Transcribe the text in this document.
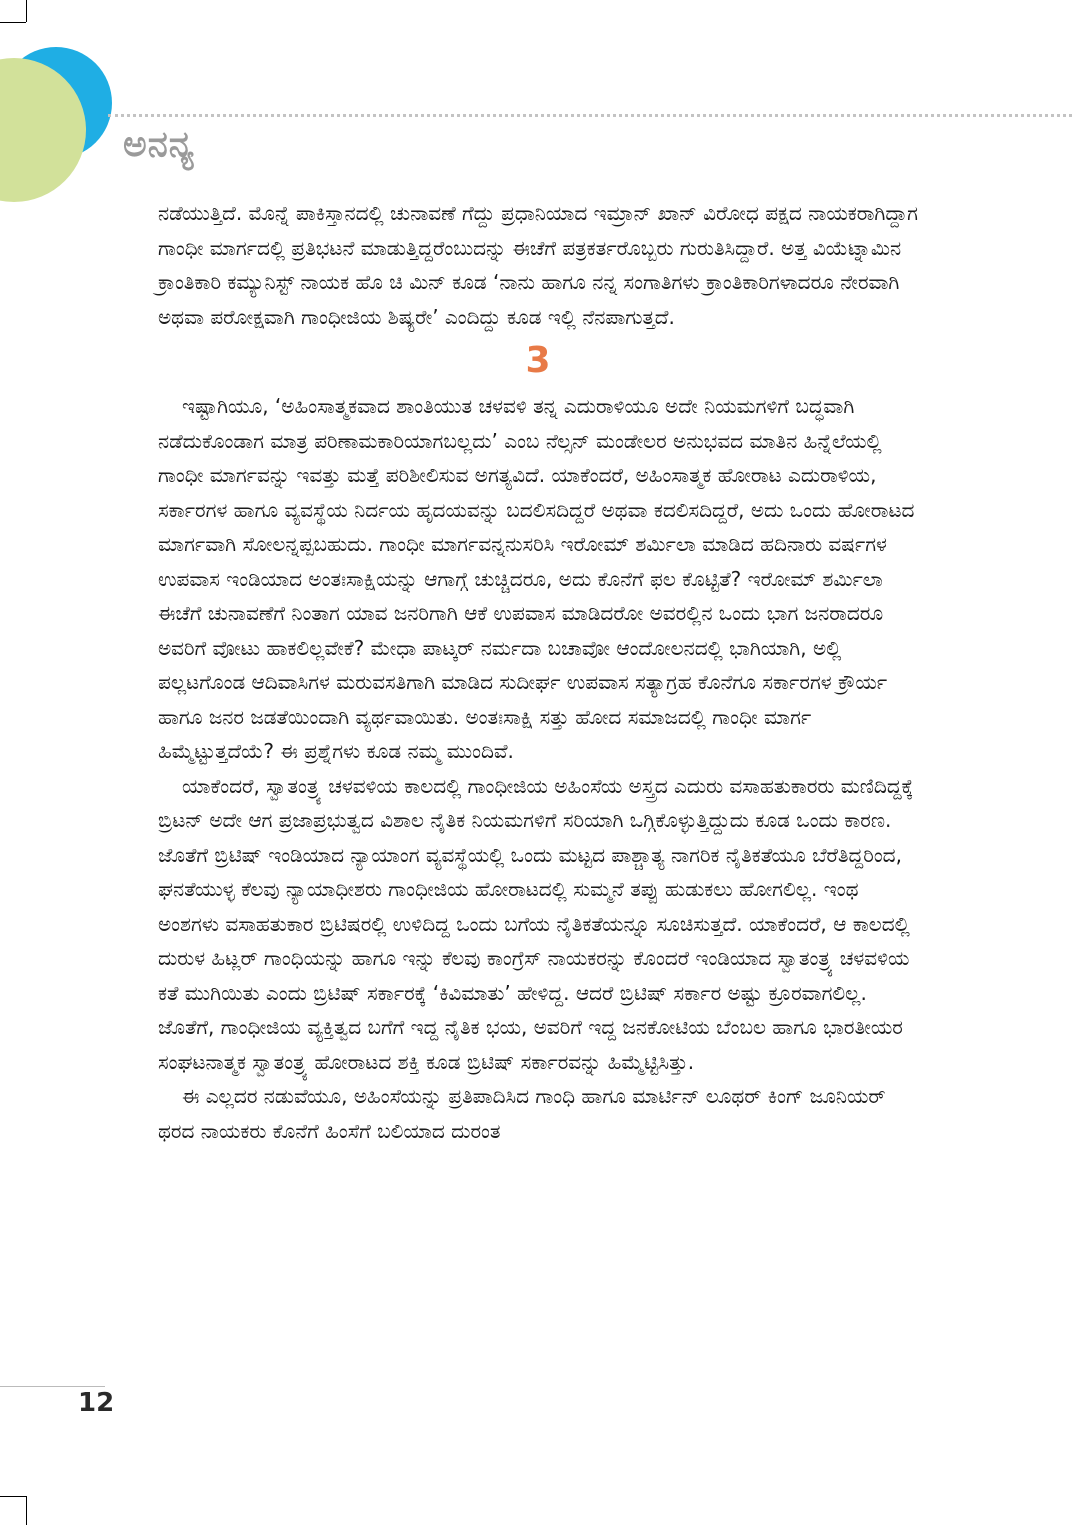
ಅನನ್ಯ

ನಡೆಯುತ್ತಿದೆ. ಮೊನ್ನೆ ಪಾಕಿಸ್ತಾನದಲ್ಲಿ ಚುನಾವಣೆ ಗೆದ್ದು ಪ್ರಧಾನಿಯಾದ ಇಮ್ರಾನ್ ಖಾನ್ ವಿರೋಧ ಪಕ್ಷದ ನಾಯಕರಾಗಿದ್ದಾಗ ಗಾಂಧೀ ಮಾರ್ಗದಲ್ಲಿ ಪ್ರತಿಭಟನೆ ಮಾಡುತ್ತಿದ್ದರೆಂಬುದನ್ನು ಈಚೆಗೆ ಪತ್ರಕರ್ತರೊಬ್ಬರು ಗುರುತಿಸಿದ್ದಾರೆ. ಅತ್ತ ವಿಯೆಟ್ನಾಮಿನ ಕ್ರಾಂತಿಕಾರಿ ಕಮ್ಯುನಿಸ್ಟ್ ನಾಯಕ ಹೊ ಚಿ ಮಿನ್ ಕೂಡ ‘ನಾನು ಹಾಗೂ ನನ್ನ ಸಂಗಾತಿಗಳು ಕ್ರಾಂತಿಕಾರಿಗಳಾದರೂ ನೇರವಾಗಿ ಅಥವಾ ಪರೋಕ್ಷವಾಗಿ ಗಾಂಧೀಜಿಯ ಶಿಷ್ಯರೇ’ ಎಂದಿದ್ದು ಕೂಡ ಇಲ್ಲಿ ನೆನಪಾಗುತ್ತದೆ.

3

ಇಷ್ಟಾಗಿಯೂ, ‘ಅಹಿಂಸಾತ್ಮಕವಾದ ಶಾಂತಿಯುತ ಚಳವಳಿ ತನ್ನ ಎದುರಾಳಿಯೂ ಅದೇ ನಿಯಮಗಳಿಗೆ ಬದ್ಧವಾಗಿ ನಡೆದುಕೊಂಡಾಗ ಮಾತ್ರ ಪರಿಣಾಮಕಾರಿಯಾಗಬಲ್ಲದು’ ಎಂಬ ನೆಲ್ಸನ್ ಮಂಡೇಲರ ಅನುಭವದ ಮಾತಿನ ಹಿನ್ನೆಲೆಯಲ್ಲಿ ಗಾಂಧೀ ಮಾರ್ಗವನ್ನು ಇವತ್ತು ಮತ್ತೆ ಪರಿಶೀಲಿಸುವ ಅಗತ್ಯವಿದೆ. ಯಾಕೆಂದರೆ, ಅಹಿಂಸಾತ್ಮಕ ಹೋರಾಟ ಎದುರಾಳಿಯ, ಸರ್ಕಾರಗಳ ಹಾಗೂ ವ್ಯವಸ್ಥೆಯ ನಿರ್ದಯ ಹೃದಯವನ್ನು ಬದಲಿಸದಿದ್ದರೆ ಅಥವಾ ಕದಲಿಸದಿದ್ದರೆ, ಅದು ಒಂದು ಹೋರಾಟದ ಮಾರ್ಗವಾಗಿ ಸೋಲನ್ನಪ್ಪಬಹುದು. ಗಾಂಧೀ ಮಾರ್ಗವನ್ನನುಸರಿಸಿ ಇರೋಮ್ ಶರ್ಮಿಲಾ ಮಾಡಿದ ಹದಿನಾರು ವರ್ಷಗಳ ಉಪವಾಸ ಇಂಡಿಯಾದ ಅಂತಃಸಾಕ್ಷಿಯನ್ನು ಆಗಾಗ್ಗೆ ಚುಚ್ಚಿದರೂ, ಅದು ಕೊನೆಗೆ ಫಲ ಕೊಟ್ಟಿತೆ? ಇರೋಮ್ ಶರ್ಮಿಲಾ ಈಚೆಗೆ ಚುನಾವಣೆಗೆ ನಿಂತಾಗ ಯಾವ ಜನರಿಗಾಗಿ ಆಕೆ ಉಪವಾಸ ಮಾಡಿದರೋ ಅವರಲ್ಲಿನ ಒಂದು ಭಾಗ ಜನರಾದರೂ ಅವರಿಗೆ ವೋಟು ಹಾಕಲಿಲ್ಲವೇಕೆ? ಮೇಧಾ ಪಾಟ್ಕರ್ ನರ್ಮದಾ ಬಚಾವೋ ಆಂದೋಲನದಲ್ಲಿ ಭಾಗಿಯಾಗಿ, ಅಲ್ಲಿ ಪಲ್ಲಟಗೊಂಡ ಆದಿವಾಸಿಗಳ ಮರುವಸತಿಗಾಗಿ ಮಾಡಿದ ಸುದೀರ್ಘ ಉಪವಾಸ ಸತ್ಯಾಗ್ರಹ ಕೊನೆಗೂ ಸರ್ಕಾರಗಳ ಕ್ರೌರ್ಯ ಹಾಗೂ ಜನರ ಜಡತೆಯಿಂದಾಗಿ ವ್ಯರ್ಥವಾಯಿತು. ಅಂತಃಸಾಕ್ಷಿ ಸತ್ತು ಹೋದ ಸಮಾಜದಲ್ಲಿ ಗಾಂಧೀ ಮಾರ್ಗ ಹಿಮ್ಮೆಟ್ಟುತ್ತದೆಯೆ? ಈ ಪ್ರಶ್ನೆಗಳು ಕೂಡ ನಮ್ಮ ಮುಂದಿವೆ.

ಯಾಕೆಂದರೆ, ಸ್ವಾತಂತ್ರ್ಯ ಚಳವಳಿಯ ಕಾಲದಲ್ಲಿ ಗಾಂಧೀಜಿಯ ಅಹಿಂಸೆಯ ಅಸ್ತ್ರದ ಎದುರು ವಸಾಹತುಕಾರರು ಮಣಿದಿದ್ದಕ್ಕೆ ಬ್ರಿಟನ್ ಅದೇ ಆಗ ಪ್ರಜಾಪ್ರಭುತ್ವದ ವಿಶಾಲ ನೈತಿಕ ನಿಯಮಗಳಿಗೆ ಸರಿಯಾಗಿ ಒಗ್ಗಿಕೊಳ್ಳುತ್ತಿದ್ದುದು ಕೂಡ ಒಂದು ಕಾರಣ. ಜೊತೆಗೆ ಬ್ರಿಟಿಷ್ ಇಂಡಿಯಾದ ನ್ಯಾಯಾಂಗ ವ್ಯವಸ್ಥೆಯಲ್ಲಿ ಒಂದು ಮಟ್ಟದ ಪಾಶ್ಚಾತ್ಯ ನಾಗರಿಕ ನೈತಿಕತೆಯೂ ಬೆರೆತಿದ್ದರಿಂದ, ಘನತೆಯುಳ್ಳ ಕೆಲವು ನ್ಯಾಯಾಧೀಶರು ಗಾಂಧೀಜಿಯ ಹೋರಾಟದಲ್ಲಿ ಸುಮ್ಮನೆ ತಪ್ಪು ಹುಡುಕಲು ಹೋಗಲಿಲ್ಲ. ಇಂಥ ಅಂಶಗಳು ವಸಾಹತುಕಾರ ಬ್ರಿಟಿಷರಲ್ಲಿ ಉಳಿದಿದ್ದ ಒಂದು ಬಗೆಯ ನೈತಿಕತೆಯನ್ನೂ ಸೂಚಿಸುತ್ತದೆ. ಯಾಕೆಂದರೆ, ಆ ಕಾಲದಲ್ಲಿ ದುರುಳ ಹಿಟ್ಲರ್ ಗಾಂಧಿಯನ್ನು ಹಾಗೂ ಇನ್ನು ಕೆಲವು ಕಾಂಗ್ರೆಸ್ ನಾಯಕರನ್ನು ಕೊಂದರೆ ಇಂಡಿಯಾದ ಸ್ವಾತಂತ್ರ್ಯ ಚಳವಳಿಯ ಕತೆ ಮುಗಿಯಿತು ಎಂದು ಬ್ರಿಟಿಷ್ ಸರ್ಕಾರಕ್ಕೆ ‘ಕಿವಿಮಾತು’ ಹೇಳಿದ್ದ. ಆದರೆ ಬ್ರಿಟಿಷ್ ಸರ್ಕಾರ ಅಷ್ಟು ಕ್ರೂರವಾಗಲಿಲ್ಲ. ಜೊತೆಗೆ, ಗಾಂಧೀಜಿಯ ವ್ಯಕ್ತಿತ್ವದ ಬಗೆಗೆ ಇದ್ದ ನೈತಿಕ ಭಯ, ಅವರಿಗೆ ಇದ್ದ ಜನಕೋಟಿಯ ಬೆಂಬಲ ಹಾಗೂ ಭಾರತೀಯರ ಸಂಘಟನಾತ್ಮಕ ಸ್ವಾತಂತ್ರ್ಯ ಹೋರಾಟದ ಶಕ್ತಿ ಕೂಡ ಬ್ರಿಟಿಷ್ ಸರ್ಕಾರವನ್ನು ಹಿಮ್ಮೆಟ್ಟಿಸಿತ್ತು.

ಈ ಎಲ್ಲದರ ನಡುವೆಯೂ, ಅಹಿಂಸೆಯನ್ನು ಪ್ರತಿಪಾದಿಸಿದ ಗಾಂಧಿ ಹಾಗೂ ಮಾರ್ಟಿನ್ ಲೂಥರ್ ಕಿಂಗ್ ಜೂನಿಯರ್ ಥರದ ನಾಯಕರು ಕೊನೆಗೆ ಹಿಂಸೆಗೆ ಬಲಿಯಾದ ದುರಂತ

12
